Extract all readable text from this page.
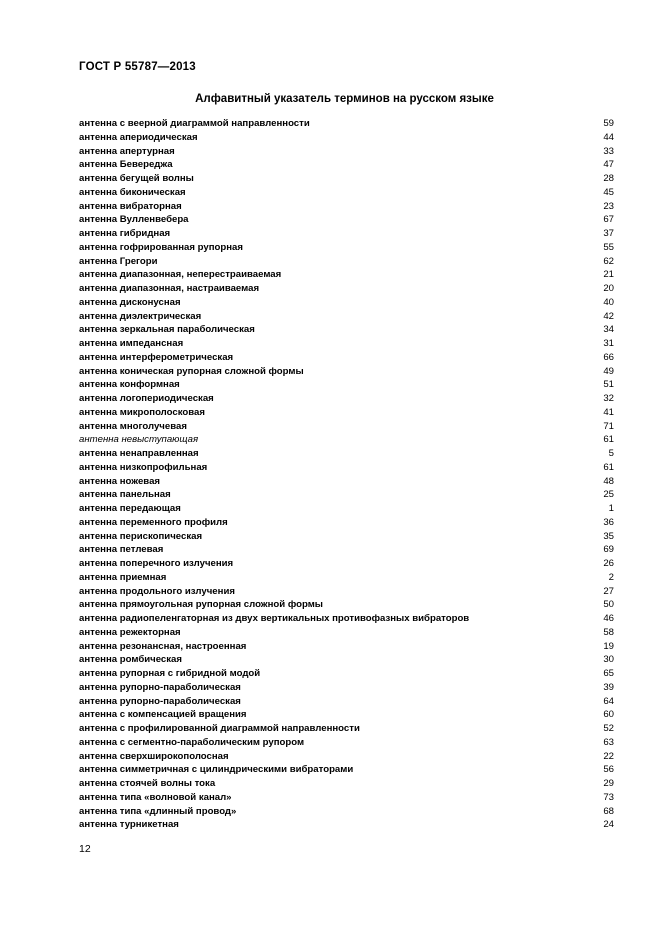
ГОСТ Р 55787—2013
Алфавитный указатель терминов на русском языке
антенна с веерной диаграммой направленности	59
антенна апериодическая	44
антенна апертурная	33
антенна Бевереджа	47
антенна бегущей волны	28
антенна биконическая	45
антенна вибраторная	23
антенна Вулленвебера	67
антенна гибридная	37
антенна гофрированная рупорная	55
антенна Грегори	62
антенна диапазонная, неперестраиваемая	21
антенна диапазонная, настраиваемая	20
антенна дисконусная	40
антенна диэлектрическая	42
антенна зеркальная параболическая	34
антенна импедансная	31
антенна интерферометрическая	66
антенна коническая рупорная сложной формы	49
антенна конформная	51
антенна логопериодическая	32
антенна микрополосковая	41
антенна многолучевая	71
антенна невыступающая	61
антенна ненаправленная	5
антенна низкопрофильная	61
антенна ножевая	48
антенна панельная	25
антенна передающая	1
антенна переменного профиля	36
антенна перископическая	35
антенна петлевая	69
антенна поперечного излучения	26
антенна приемная	2
антенна продольного излучения	27
антенна прямоугольная рупорная сложной формы	50
антенна радиопеленгаторная из двух вертикальных противофазных вибраторов	46
антенна режекторная	58
антенна резонансная, настроенная	19
антенна ромбическая	30
антенна рупорная с гибридной модой	65
антенна рупорно-параболическая	39
антенна рупорно-параболическая	64
антенна с компенсацией вращения	60
антенна с профилированной диаграммой направленности	52
антенна с сегментно-параболическим рупором	63
антенна сверхширокополосная	22
антенна симметричная с цилиндрическими вибраторами	56
антенна стоячей волны тока	29
антенна типа «волновой канал»	73
антенна типа «длинный провод»	68
антенна турникетная	24
12
